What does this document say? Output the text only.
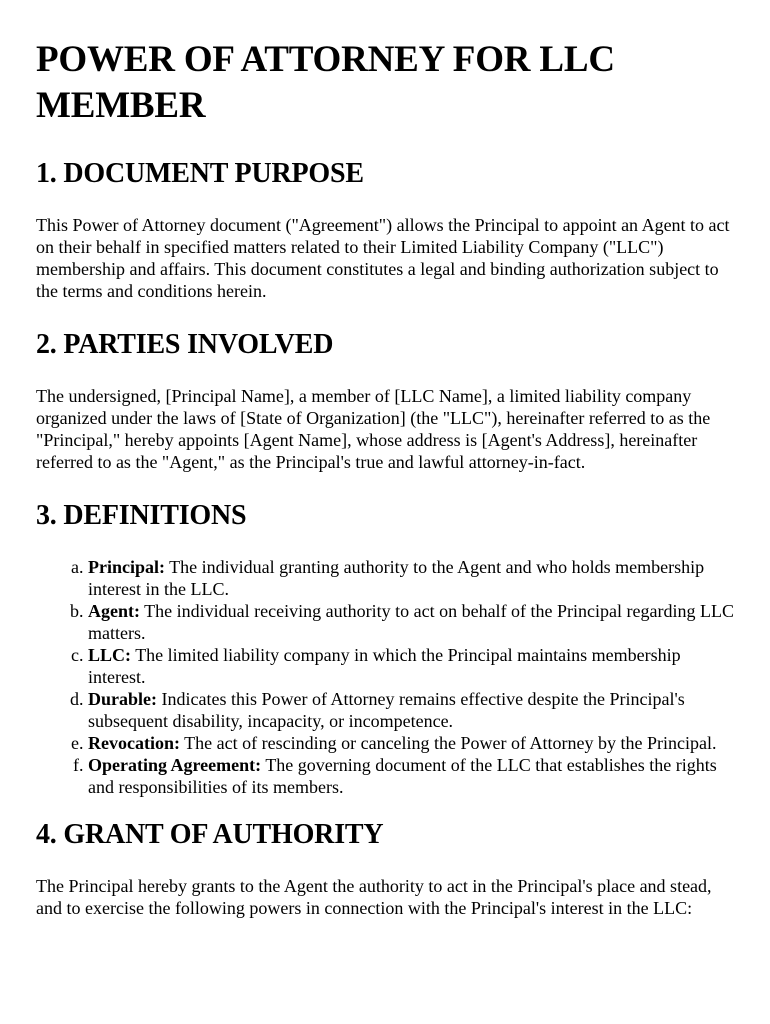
POWER OF ATTORNEY FOR LLC MEMBER
1. DOCUMENT PURPOSE

This Power of Attorney document ("Agreement") allows the Principal to appoint an Agent to act on their behalf in specified matters related to their Limited Liability Company ("LLC") membership and affairs. This document constitutes a legal and binding authorization subject to the terms and conditions herein.

2. PARTIES INVOLVED

The undersigned, [Principal Name], a member of [LLC Name], a limited liability company organized under the laws of [State of Organization] (the "LLC"), hereinafter referred to as the "Principal," hereby appoints [Agent Name], whose address is [Agent's Address], hereinafter referred to as the "Agent," as the Principal's true and lawful attorney-in-fact.

3. DEFINITIONS
a. Principal: The individual granting authority to the Agent and who holds membership interest in the LLC.
b. Agent: The individual receiving authority to act on behalf of the Principal regarding LLC matters.
c. LLC: The limited liability company in which the Principal maintains membership interest.
d. Durable: Indicates this Power of Attorney remains effective despite the Principal's subsequent disability, incapacity, or incompetence.
e. Revocation: The act of rescinding or canceling the Power of Attorney by the Principal.
f. Operating Agreement: The governing document of the LLC that establishes the rights and responsibilities of its members.
4. GRANT OF AUTHORITY

The Principal hereby grants to the Agent the authority to act in the Principal's place and stead, and to exercise the following powers in connection with the Principal's interest in the LLC:
